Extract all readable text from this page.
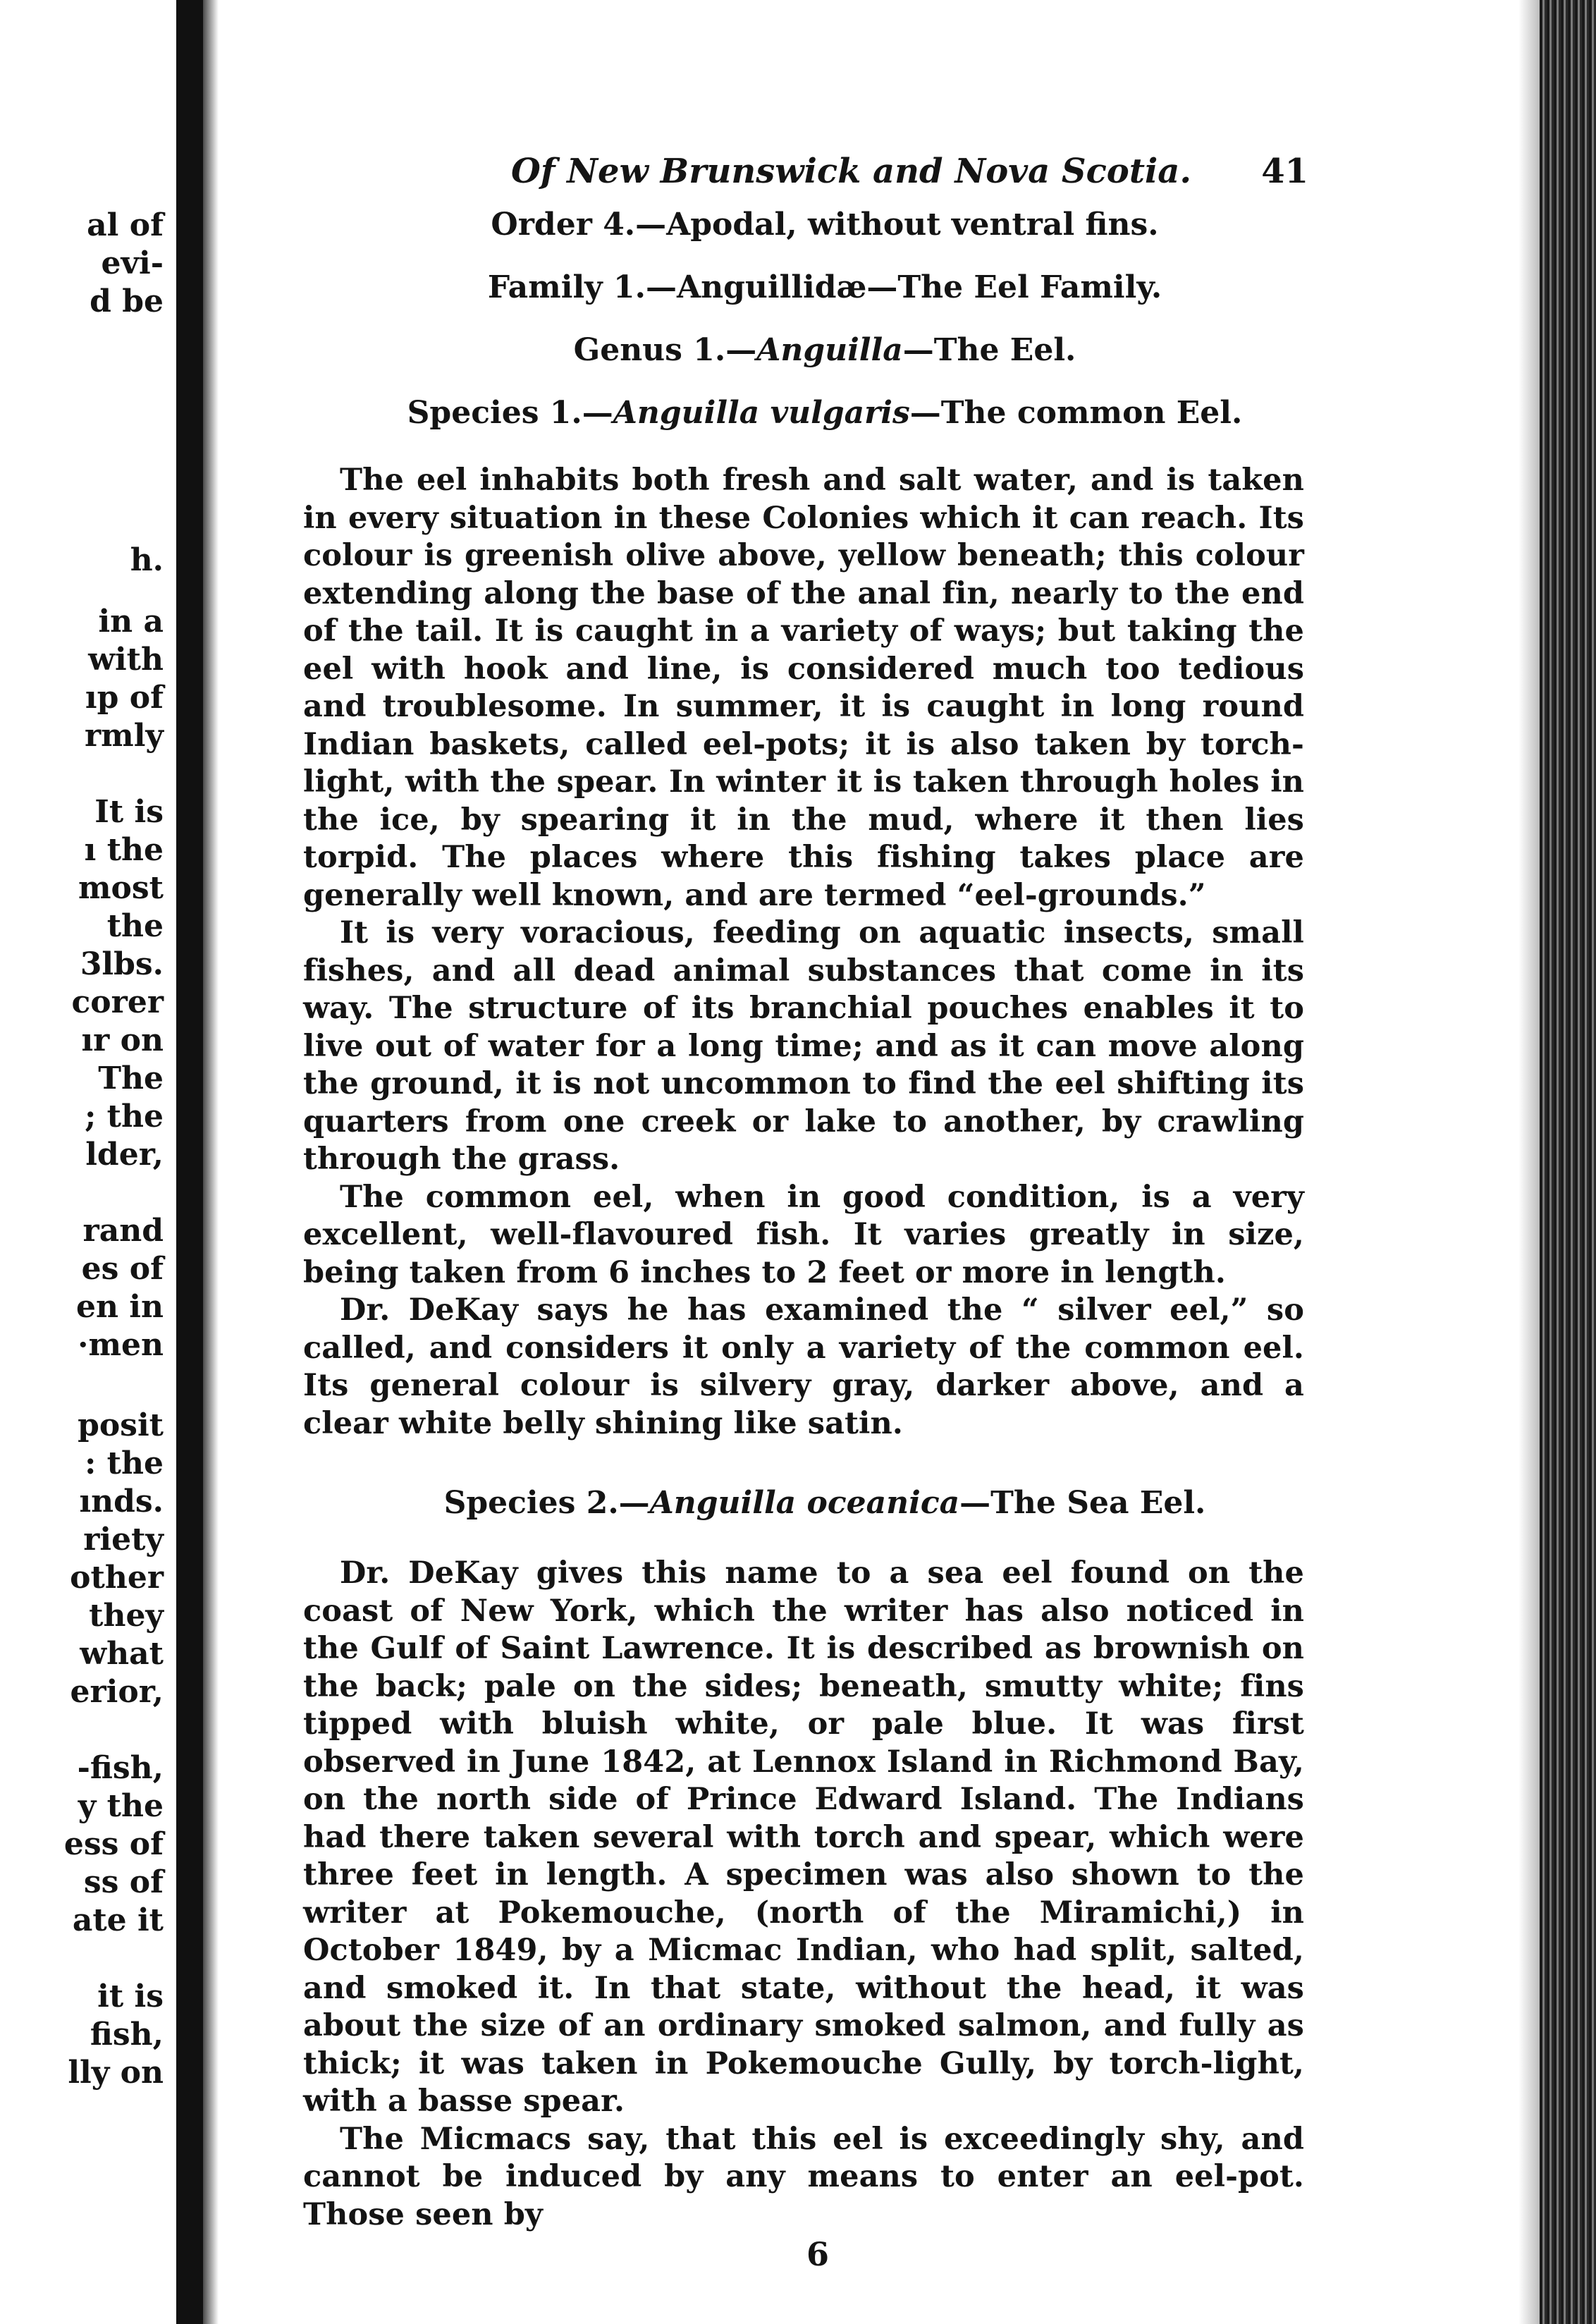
al of
evi-
d be
h.
in a
with
ıp of
rmly
It is
ı the
most
the
3lbs.
corer
ır on
The
; the
lder,
rand
es of
en in
·men
posit
: the
ınds.
riety
other
they
what
erior,
-fish,
y the
ess of
ss of
ate it
it is
fish,
lly on
Of New Brunswick and Nova Scotia. 41
Order 4.—Apodal, without ventral fins.
Family 1.—Anguillidæ—The Eel Family.
Genus 1.—Anguilla—The Eel.
Species 1.—Anguilla vulgaris—The common Eel.

The eel inhabits both fresh and salt water, and is taken in every situation in these Colonies which it can reach. Its colour is greenish olive above, yellow beneath; this colour extending along the base of the anal fin, nearly to the end of the tail. It is caught in a variety of ways; but taking the eel with hook and line, is considered much too tedious and troublesome. In summer, it is caught in long round Indian baskets, called eel-pots; it is also taken by torch-light, with the spear. In winter it is taken through holes in the ice, by spearing it in the mud, where it then lies torpid. The places where this fishing takes place are generally well known, and are termed “eel-grounds.”

It is very voracious, feeding on aquatic insects, small fishes, and all dead animal substances that come in its way. The structure of its branchial pouches enables it to live out of water for a long time; and as it can move along the ground, it is not uncommon to find the eel shifting its quarters from one creek or lake to another, by crawling through the grass.

The common eel, when in good condition, is a very excellent, well-flavoured fish. It varies greatly in size, being taken from 6 inches to 2 feet or more in length.

Dr. DeKay says he has examined the “ silver eel,” so called, and considers it only a variety of the common eel. Its general colour is silvery gray, darker above, and a clear white belly shining like satin.

Species 2.—Anguilla oceanica—The Sea Eel.

Dr. DeKay gives this name to a sea eel found on the coast of New York, which the writer has also noticed in the Gulf of Saint Lawrence. It is described as brownish on the back; pale on the sides; beneath, smutty white; fins tipped with bluish white, or pale blue. It was first observed in June 1842, at Lennox Island in Richmond Bay, on the north side of Prince Edward Island. The Indians had there taken several with torch and spear, which were three feet in length. A specimen was also shown to the writer at Pokemouche, (north of the Miramichi,) in October 1849, by a Micmac Indian, who had split, salted, and smoked it. In that state, without the head, it was about the size of an ordinary smoked salmon, and fully as thick; it was taken in Pokemouche Gully, by torch-light, with a basse spear.

The Micmacs say, that this eel is exceedingly shy, and cannot be induced by any means to enter an eel-pot. Those seen by

6
